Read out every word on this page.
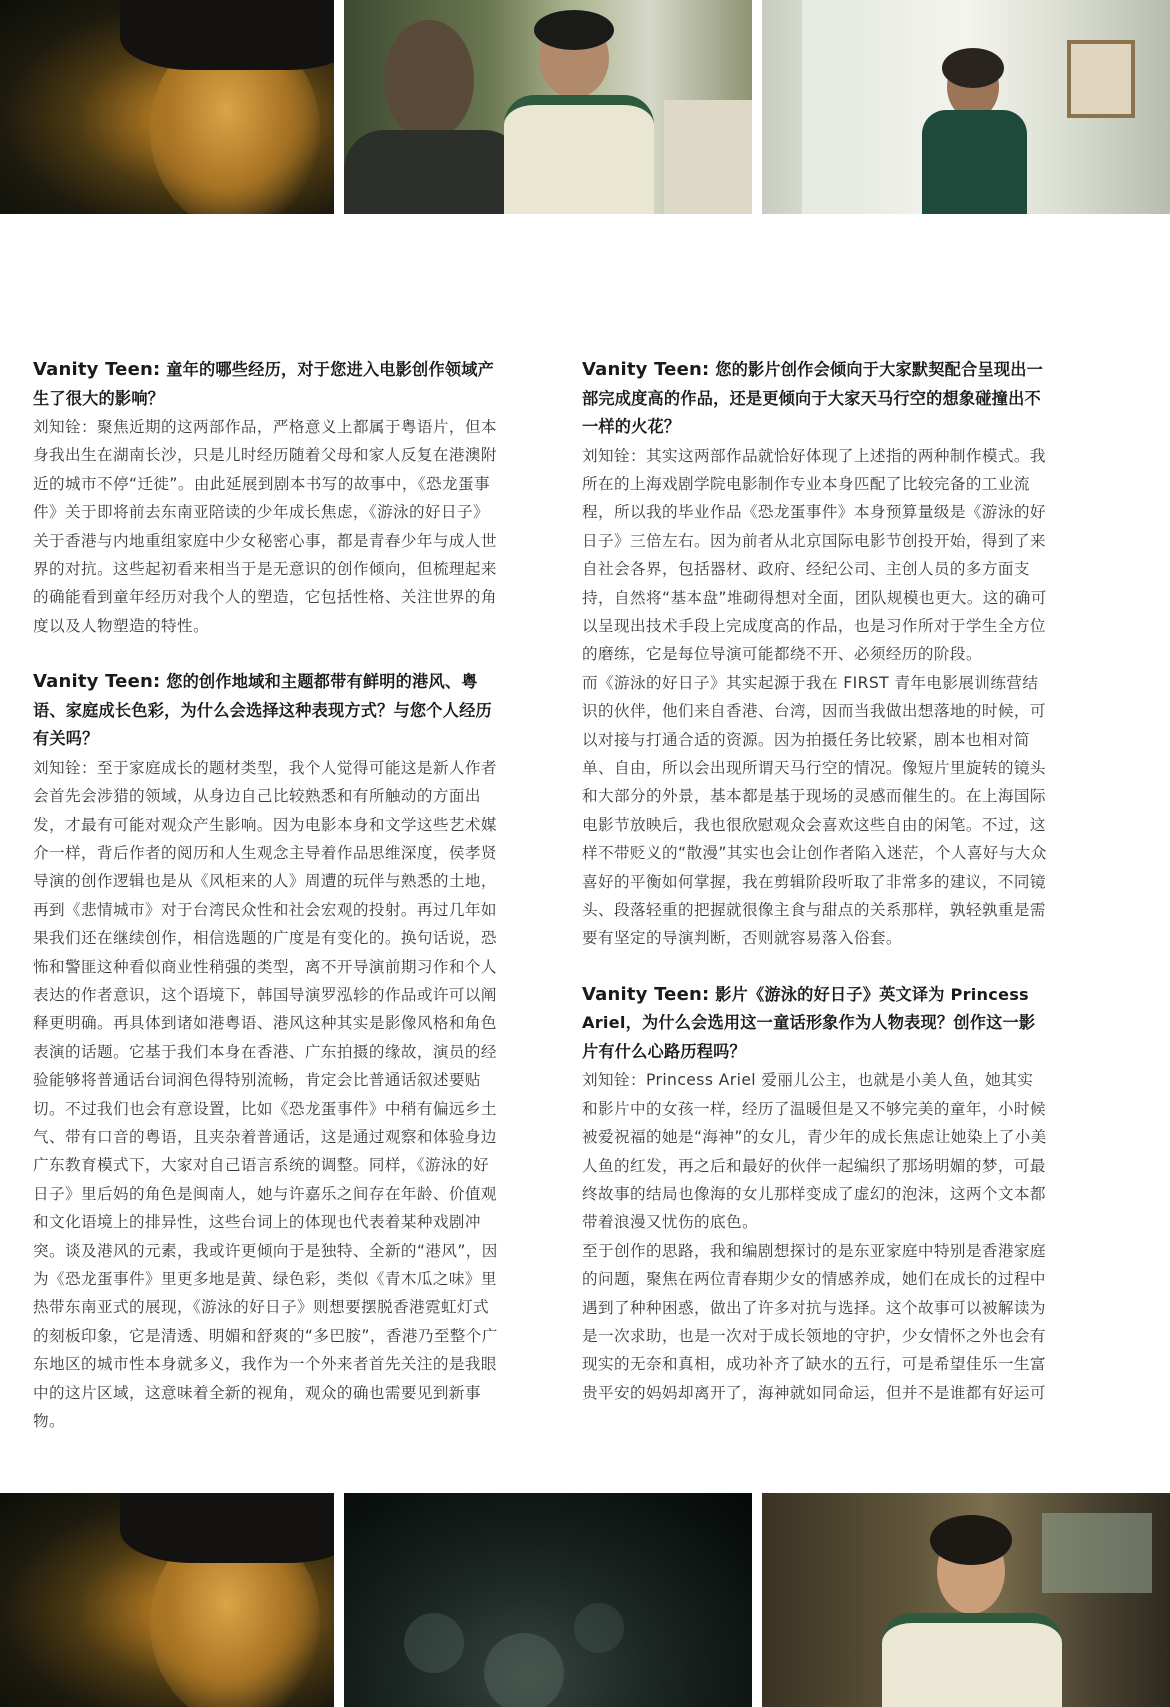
Vanity Teen: 童年的哪些经历，对于您进入电影创作领域产生了很大的影响？

刘知铨：聚焦近期的这两部作品，严格意义上都属于粤语片，但本身我出生在湖南长沙，只是儿时经历随着父母和家人反复在港澳附近的城市不停“迁徙”。由此延展到剧本书写的故事中，《恐龙蛋事件》关于即将前去东南亚陪读的少年成长焦虑，《游泳的好日子》关于香港与内地重组家庭中少女秘密心事，都是青春少年与成人世界的对抗。这些起初看来相当于是无意识的创作倾向，但梳理起来的确能看到童年经历对我个人的塑造，它包括性格、关注世界的角度以及人物塑造的特性。

Vanity Teen: 您的创作地域和主题都带有鲜明的港风、粤语、家庭成长色彩，为什么会选择这种表现方式？与您个人经历有关吗？

刘知铨：至于家庭成长的题材类型，我个人觉得可能这是新人作者会首先会涉猎的领域，从身边自己比较熟悉和有所触动的方面出发，才最有可能对观众产生影响。因为电影本身和文学这些艺术媒介一样，背后作者的阅历和人生观念主导着作品思维深度，侯孝贤导演的创作逻辑也是从《风柜来的人》周遭的玩伴与熟悉的土地，再到《悲情城市》对于台湾民众性和社会宏观的投射。再过几年如果我们还在继续创作，相信选题的广度是有变化的。换句话说，恐怖和警匪这种看似商业性稍强的类型，离不开导演前期习作和个人表达的作者意识，这个语境下，韩国导演罗泓轸的作品或许可以阐释更明确。再具体到诸如港粤语、港风这种其实是影像风格和角色表演的话题。它基于我们本身在香港、广东拍摄的缘故，演员的经验能够将普通话台词润色得特别流畅，肯定会比普通话叙述要贴切。不过我们也会有意设置，比如《恐龙蛋事件》中稍有偏远乡土气、带有口音的粤语，且夹杂着普通话，这是通过观察和体验身边广东教育模式下，大家对自己语言系统的调整。同样，《游泳的好日子》里后妈的角色是闽南人，她与许嘉乐之间存在年龄、价值观和文化语境上的排异性，这些台词上的体现也代表着某种戏剧冲突。谈及港风的元素，我或许更倾向于是独特、全新的“港风”，因为《恐龙蛋事件》里更多地是黄、绿色彩，类似《青木瓜之味》里热带东南亚式的展现，《游泳的好日子》则想要摆脱香港霓虹灯式的刻板印象，它是清透、明媚和舒爽的“多巴胺”，香港乃至整个广东地区的城市性本身就多义，我作为一个外来者首先关注的是我眼中的这片区域，这意味着全新的视角，观众的确也需要见到新事物。

Vanity Teen: 您的影片创作会倾向于大家默契配合呈现出一部完成度高的作品，还是更倾向于大家天马行空的想象碰撞出不一样的火花？

刘知铨：其实这两部作品就恰好体现了上述指的两种制作模式。我所在的上海戏剧学院电影制作专业本身匹配了比较完备的工业流程，所以我的毕业作品《恐龙蛋事件》本身预算量级是《游泳的好日子》三倍左右。因为前者从北京国际电影节创投开始，得到了来自社会各界，包括器材、政府、经纪公司、主创人员的多方面支持，自然将“基本盘”堆砌得想对全面，团队规模也更大。这的确可以呈现出技术手段上完成度高的作品，也是习作所对于学生全方位的磨练，它是每位导演可能都绕不开、必须经历的阶段。

而《游泳的好日子》其实起源于我在 FIRST 青年电影展训练营结识的伙伴，他们来自香港、台湾，因而当我做出想落地的时候，可以对接与打通合适的资源。因为拍摄任务比较紧，剧本也相对简单、自由，所以会出现所谓天马行空的情况。像短片里旋转的镜头和大部分的外景，基本都是基于现场的灵感而催生的。在上海国际电影节放映后，我也很欣慰观众会喜欢这些自由的闲笔。不过，这样不带贬义的“散漫”其实也会让创作者陷入迷茫，个人喜好与大众喜好的平衡如何掌握，我在剪辑阶段听取了非常多的建议，不同镜头、段落轻重的把握就很像主食与甜点的关系那样，孰轻孰重是需要有坚定的导演判断，否则就容易落入俗套。

Vanity Teen: 影片《游泳的好日子》英文译为 Princess Ariel，为什么会选用这一童话形象作为人物表现？创作这一影片有什么心路历程吗？

刘知铨：Princess Ariel 爱丽儿公主，也就是小美人鱼，她其实和影片中的女孩一样，经历了温暖但是又不够完美的童年，小时候被爱祝福的她是“海神”的女儿，青少年的成长焦虑让她染上了小美人鱼的红发，再之后和最好的伙伴一起编织了那场明媚的梦，可最终故事的结局也像海的女儿那样变成了虚幻的泡沫，这两个文本都带着浪漫又忧伤的底色。

至于创作的思路，我和编剧想探讨的是东亚家庭中特别是香港家庭的问题，聚焦在两位青春期少女的情感养成，她们在成长的过程中遇到了种种困惑，做出了许多对抗与选择。这个故事可以被解读为是一次求助，也是一次对于成长领地的守护，少女情怀之外也会有现实的无奈和真相，成功补齐了缺水的五行，可是希望佳乐一生富贵平安的妈妈却离开了，海神就如同命运，但并不是谁都有好运可
